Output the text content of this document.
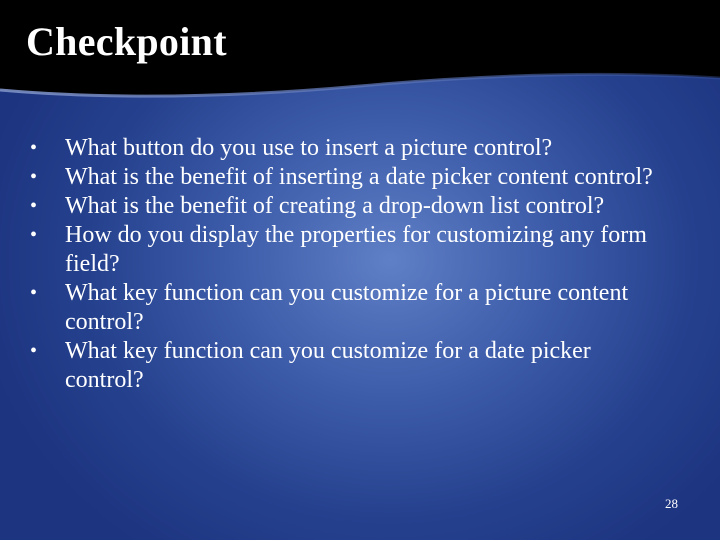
Checkpoint
• What button do you use to insert a picture control?
• What is the benefit of inserting a date picker content control?
• What is the benefit of creating a drop-down list control?
• How do you display the properties for customizing any form field?
• What key function can you customize for a picture content control?
• What key function can you customize for a date picker control?
28
